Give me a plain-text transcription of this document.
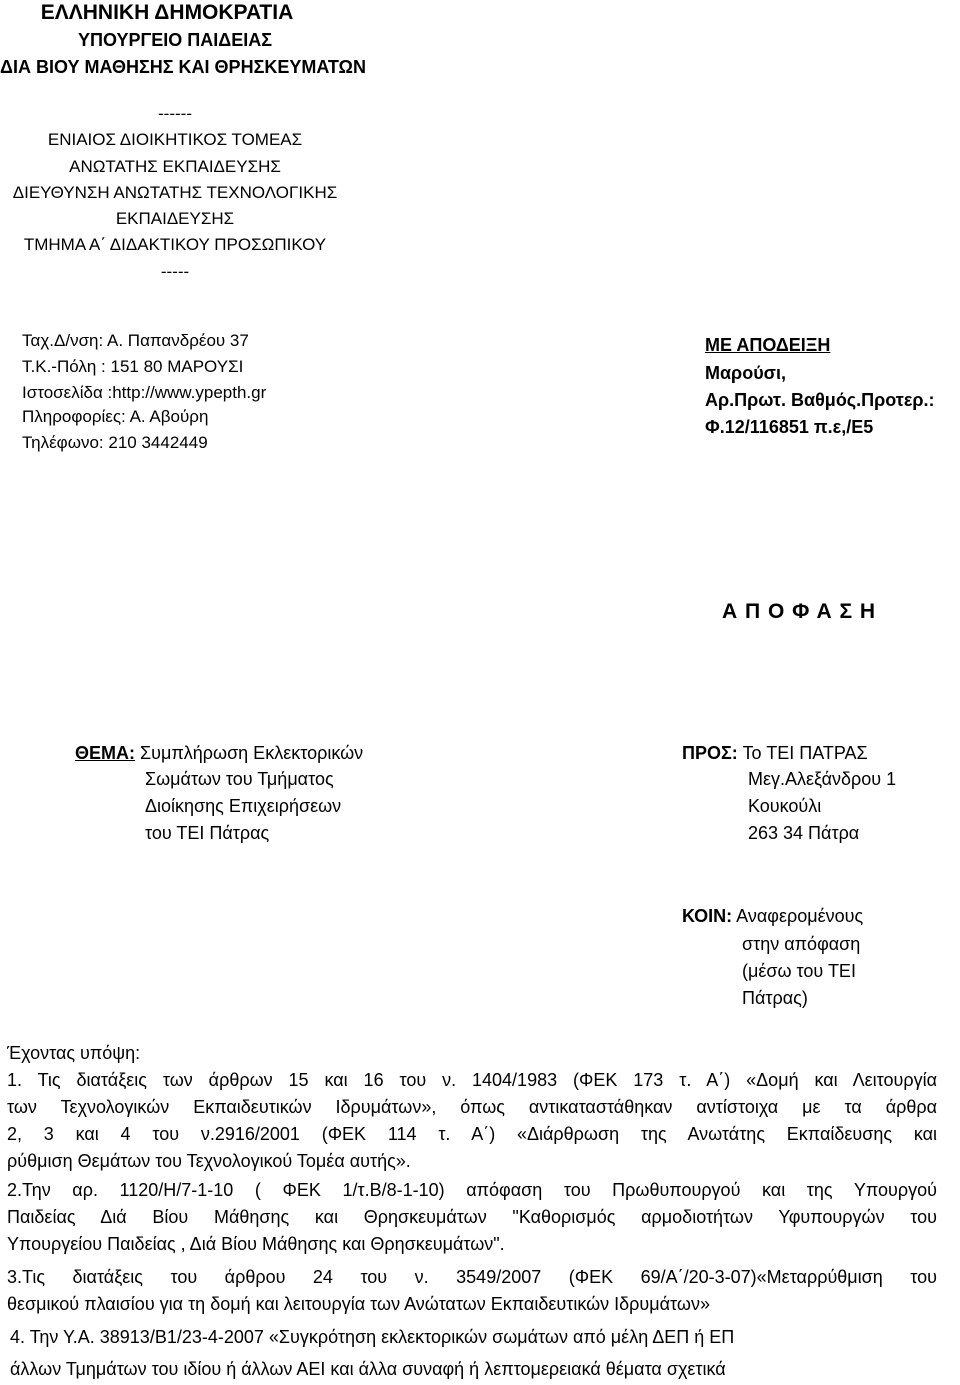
ΕΛΛΗΝΙΚΗ ΔΗΜΟΚΡΑΤΙΑ
ΥΠΟΥΡΓΕΙΟ ΠΑΙΔΕΙΑΣ
ΔΙΑ ΒΙΟΥ ΜΑΘΗΣΗΣ ΚΑΙ ΘΡΗΣΚΕΥΜΑΤΩΝ
------
ΕΝΙΑΙΟΣ ΔΙΟΙΚΗΤΙΚΟΣ ΤΟΜΕΑΣ
ΑΝΩΤΑΤΗΣ ΕΚΠΑΙΔΕΥΣΗΣ
ΔΙΕΥΘΥΝΣΗ ΑΝΩΤΑΤΗΣ ΤΕΧΝΟΛΟΓΙΚΗΣ
ΕΚΠΑΙΔΕΥΣΗΣ
ΤΜΗΜΑ Α΄ ΔΙΔΑΚΤΙΚΟΥ ΠΡΟΣΩΠΙΚΟΥ
-----
Ταχ.Δ/νση: Α. Παπανδρέου 37
Τ.Κ.-Πόλη : 151 80 ΜΑΡΟΥΣΙ
Ιστοσελίδα :http://www.ypepth.gr
Πληροφορίες: Α. Αβούρη
Τηλέφωνο: 210 3442449
ΜΕ ΑΠΟΔΕΙΞΗ
Μαρούσι,
Αρ.Πρωτ. Βαθμός.Προτερ.:
Φ.12/116851 π.ε,/Ε5
Α Π Ο Φ Α Σ Η
ΘΕΜΑ: Συμπλήρωση Εκλεκτορικών
Σωμάτων του Τμήματος
Διοίκησης Επιχειρήσεων
του ΤΕΙ Πάτρας
ΠΡΟΣ: Το ΤΕΙ ΠΑΤΡΑΣ
Μεγ.Αλεξάνδρου 1
Κουκούλι
263 34 Πάτρα
ΚΟΙΝ: Αναφερομένους
στην απόφαση
(μέσω του ΤΕΙ
Πάτρας)
Έχοντας υπόψη:
1. Τις διατάξεις των άρθρων 15 και 16 του ν. 1404/1983 (ΦΕΚ 173 τ. Α΄) «Δομή και Λειτουργία
των Τεχνολογικών Εκπαιδευτικών Ιδρυμάτων», όπως αντικαταστάθηκαν αντίστοιχα με τα άρθρα
2, 3 και 4 του ν.2916/2001 (ΦΕΚ 114 τ. Α΄) «Διάρθρωση της Ανωτάτης Εκπαίδευσης και
ρύθμιση Θεμάτων του Τεχνολογικού Τομέα αυτής».
2.Την αρ. 1120/Η/7-1-10 ( ΦΕΚ 1/τ.Β/8-1-10) απόφαση του Πρωθυπουργού και της Υπουργού
Παιδείας Διά Βίου Μάθησης και Θρησκευμάτων "Καθορισμός αρμοδιοτήτων Υφυπουργών του
Υπουργείου Παιδείας , Διά Βίου Μάθησης και Θρησκευμάτων".
3.Τις διατάξεις του άρθρου 24 του ν. 3549/2007 (ΦΕΚ 69/Α΄/20-3-07)«Μεταρρύθμιση του
θεσμικού πλαισίου για τη δομή και λειτουργία των Ανώτατων Εκπαιδευτικών Ιδρυμάτων»
4. Την Υ.Α. 38913/Β1/23-4-2007 «Συγκρότηση εκλεκτορικών σωμάτων από μέλη ΔΕΠ ή ΕΠ
άλλων Τμημάτων του ιδίου ή άλλων ΑΕΙ και άλλα συναφή ή λεπτομερειακά θέματα σχετικά
